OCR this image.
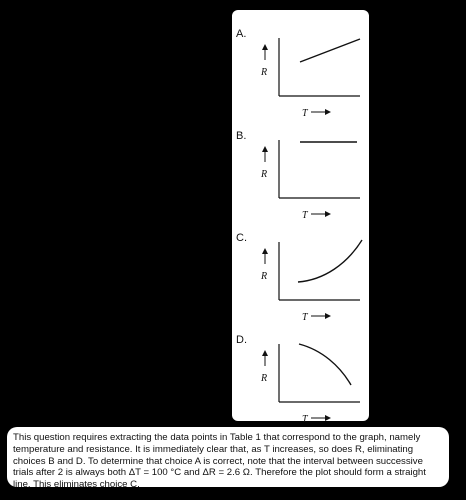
A.
R
T
B.
R
T
C.
R
T
D.
R
T
This question requires extracting the data points in Table 1 that correspond to the graph, namely temperature and resistance. It is immediately clear that, as T increases, so does R, eliminating choices B and D. To determine that choice A is correct, note that the interval between successive trials after 2 is always both ΔT = 100 °C and ΔR = 2.6 Ω. Therefore the plot should form a straight line. This eliminates choice C.
